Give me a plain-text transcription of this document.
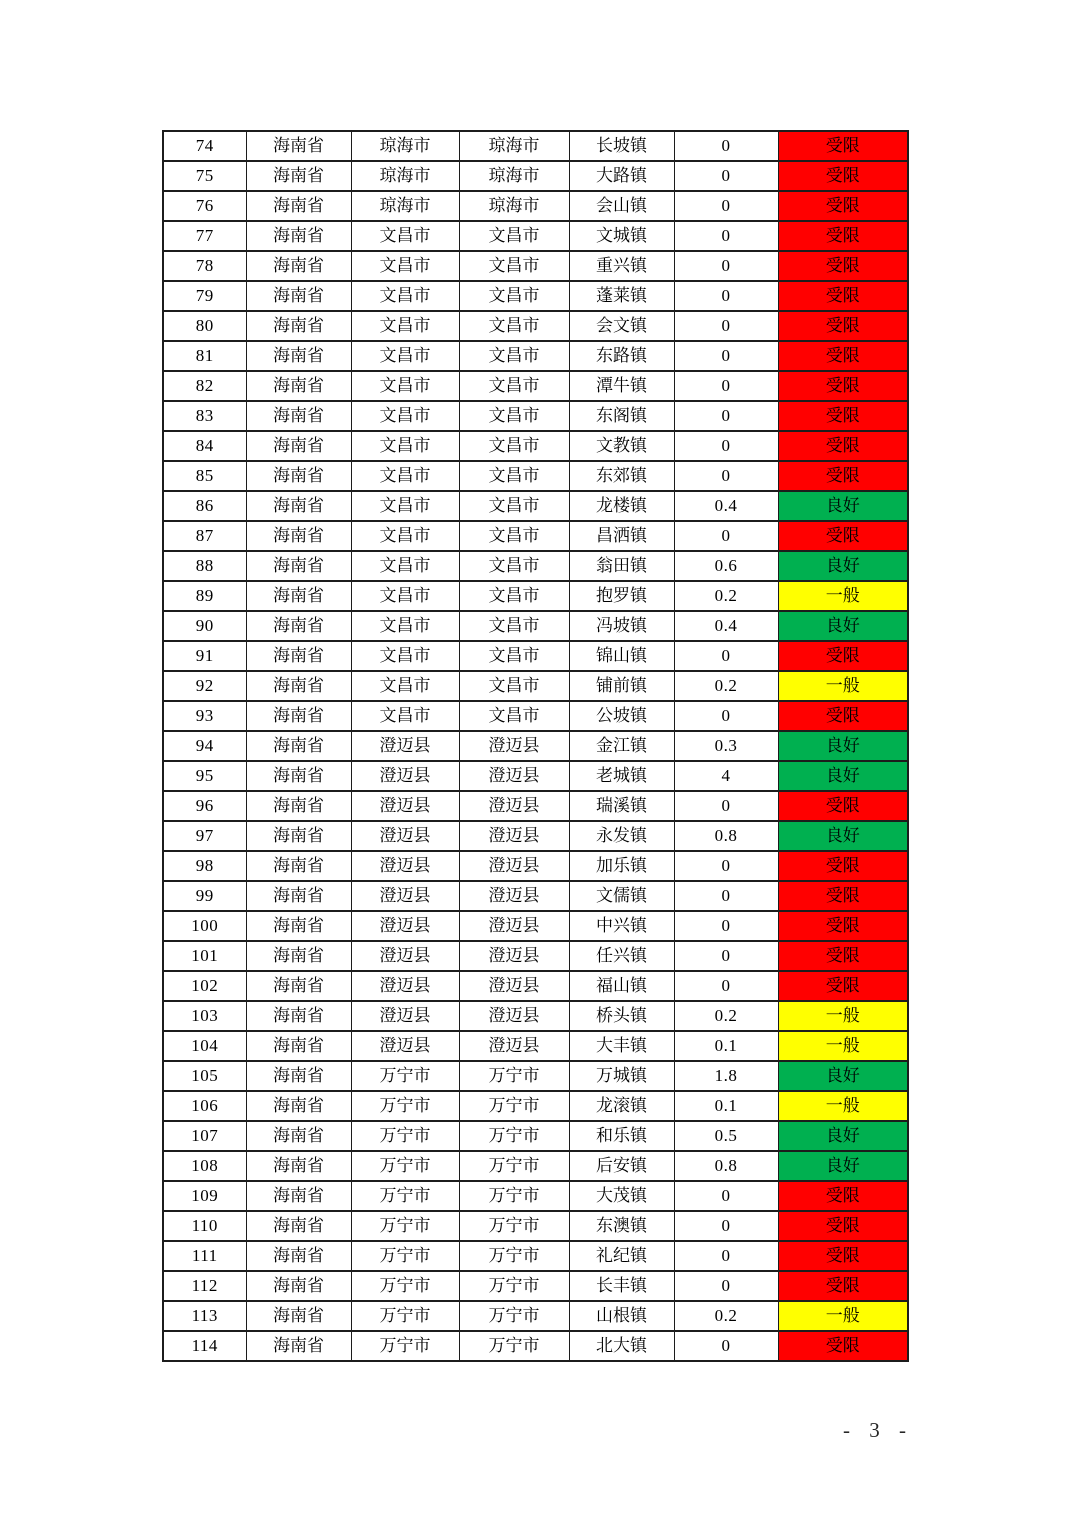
74	海南省	琼海市	琼海市	长坡镇	0	受限
75	海南省	琼海市	琼海市	大路镇	0	受限
76	海南省	琼海市	琼海市	会山镇	0	受限
77	海南省	文昌市	文昌市	文城镇	0	受限
78	海南省	文昌市	文昌市	重兴镇	0	受限
79	海南省	文昌市	文昌市	蓬莱镇	0	受限
80	海南省	文昌市	文昌市	会文镇	0	受限
81	海南省	文昌市	文昌市	东路镇	0	受限
82	海南省	文昌市	文昌市	潭牛镇	0	受限
83	海南省	文昌市	文昌市	东阁镇	0	受限
84	海南省	文昌市	文昌市	文教镇	0	受限
85	海南省	文昌市	文昌市	东郊镇	0	受限
86	海南省	文昌市	文昌市	龙楼镇	0.4	良好
87	海南省	文昌市	文昌市	昌洒镇	0	受限
88	海南省	文昌市	文昌市	翁田镇	0.6	良好
89	海南省	文昌市	文昌市	抱罗镇	0.2	一般
90	海南省	文昌市	文昌市	冯坡镇	0.4	良好
91	海南省	文昌市	文昌市	锦山镇	0	受限
92	海南省	文昌市	文昌市	铺前镇	0.2	一般
93	海南省	文昌市	文昌市	公坡镇	0	受限
94	海南省	澄迈县	澄迈县	金江镇	0.3	良好
95	海南省	澄迈县	澄迈县	老城镇	4	良好
96	海南省	澄迈县	澄迈县	瑞溪镇	0	受限
97	海南省	澄迈县	澄迈县	永发镇	0.8	良好
98	海南省	澄迈县	澄迈县	加乐镇	0	受限
99	海南省	澄迈县	澄迈县	文儒镇	0	受限
100	海南省	澄迈县	澄迈县	中兴镇	0	受限
101	海南省	澄迈县	澄迈县	任兴镇	0	受限
102	海南省	澄迈县	澄迈县	福山镇	0	受限
103	海南省	澄迈县	澄迈县	桥头镇	0.2	一般
104	海南省	澄迈县	澄迈县	大丰镇	0.1	一般
105	海南省	万宁市	万宁市	万城镇	1.8	良好
106	海南省	万宁市	万宁市	龙滚镇	0.1	一般
107	海南省	万宁市	万宁市	和乐镇	0.5	良好
108	海南省	万宁市	万宁市	后安镇	0.8	良好
109	海南省	万宁市	万宁市	大茂镇	0	受限
110	海南省	万宁市	万宁市	东澳镇	0	受限
111	海南省	万宁市	万宁市	礼纪镇	0	受限
112	海南省	万宁市	万宁市	长丰镇	0	受限
113	海南省	万宁市	万宁市	山根镇	0.2	一般
114	海南省	万宁市	万宁市	北大镇	0	受限
- 3 -
